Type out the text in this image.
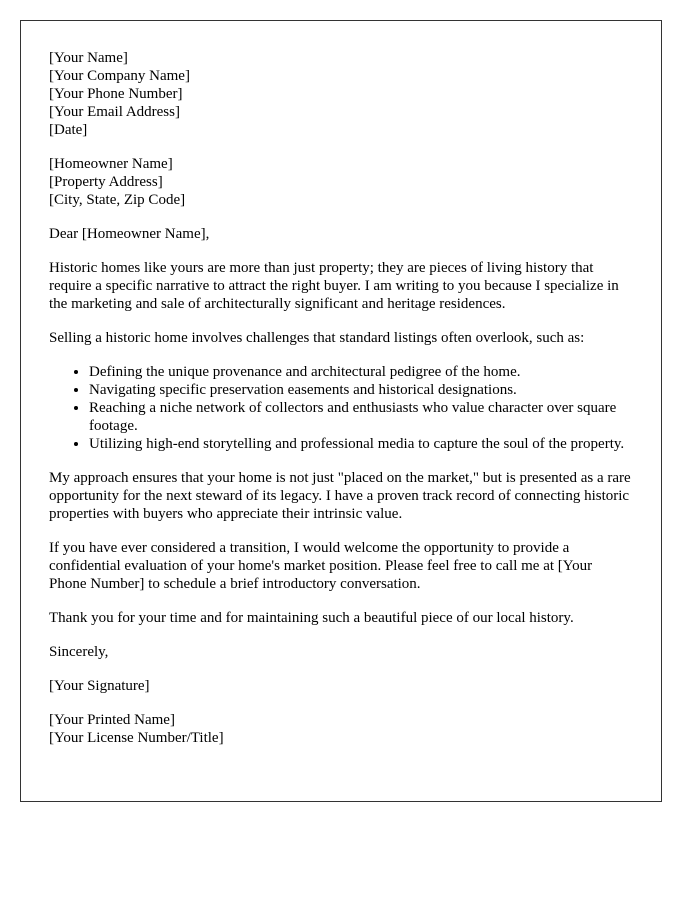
[Your Name]
[Your Company Name]
[Your Phone Number]
[Your Email Address]
[Date]
[Homeowner Name]
[Property Address]
[City, State, Zip Code]

Dear [Homeowner Name],

Historic homes like yours are more than just property; they are pieces of living history that require a specific narrative to attract the right buyer. I am writing to you because I specialize in the marketing and sale of architecturally significant and heritage residences.

Selling a historic home involves challenges that standard listings often overlook, such as:

• Defining the unique provenance and architectural pedigree of the home.
• Navigating specific preservation easements and historical designations.
• Reaching a niche network of collectors and enthusiasts who value character over square footage.
• Utilizing high-end storytelling and professional media to capture the soul of the property.

My approach ensures that your home is not just "placed on the market," but is presented as a rare opportunity for the next steward of its legacy. I have a proven track record of connecting historic properties with buyers who appreciate their intrinsic value.

If you have ever considered a transition, I would welcome the opportunity to provide a confidential evaluation of your home's market position. Please feel free to call me at [Your Phone Number] to schedule a brief introductory conversation.

Thank you for your time and for maintaining such a beautiful piece of our local history.

Sincerely,

[Your Signature]

[Your Printed Name]
[Your License Number/Title]
